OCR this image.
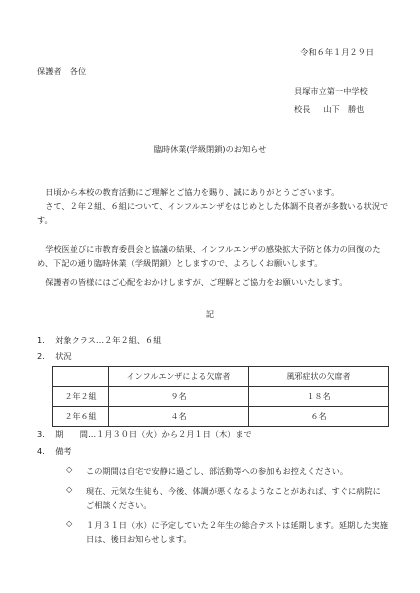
令和６年１月２９日
保護者　各位
貝塚市立第一中学校
校長 山下　勝也
臨時休業(学級閉鎖)のお知らせ

日頃から本校の教育活動にご理解とご協力を賜り、誠にありがとうございます。

さて、２年２組、６組について、インフルエンザをはじめとした体調不良者が多数いる状況です。

学校医並びに市教育委員会と協議の結果、インフルエンザの感染拡大予防と体力の回復のため、下記の通り臨時休業（学級閉鎖）としますので、よろしくお願いします。

保護者の皆様にはご心配をおかけしますが、ご理解とご協力をお願いいたします。

記
1. 対象クラス…２年２組、６組
2. 状況
	インフルエンザによる欠席者	風邪症状の欠席者
２年２組	９名	１８名
２年６組	４名	６名
3. 期　　間…１月３０日（火）から２月１日（木）まで
4. 備考
◇ この期間は自宅で安静に過ごし、部活動等への参加もお控えください。

◇ 現在、元気な生徒も、今後、体調が悪くなるようなことがあれば、すぐに病院にご相談ください。

◇ １月３１日（水）に予定していた２年生の総合テストは延期します。延期した実施日は、後日お知らせします。
